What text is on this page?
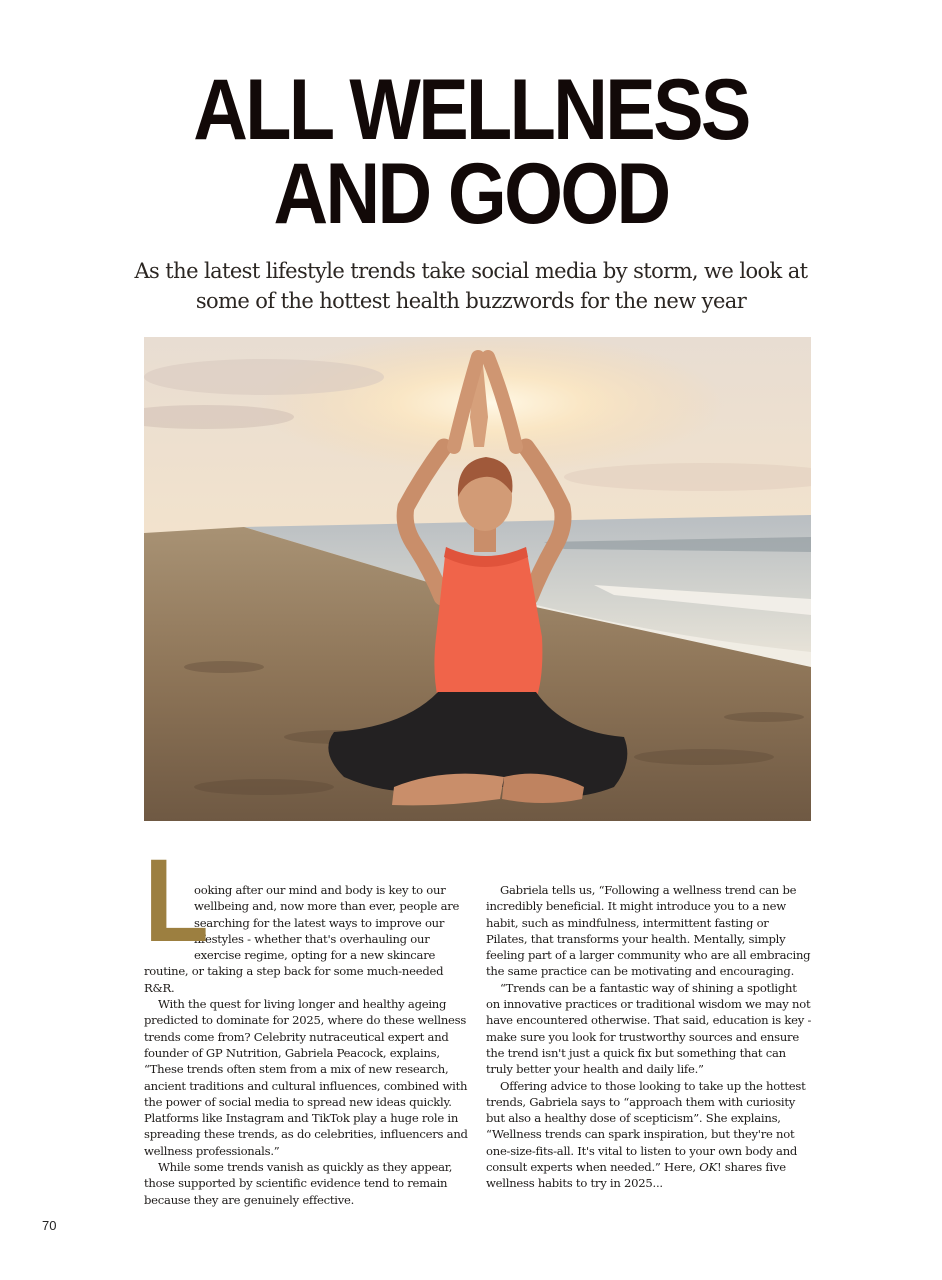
ALL WELLNESS
AND GOOD

As the latest lifestyle trends take social media by storm, we look at some of the hottest health buzzwords for the new year

L

ooking after our mind and body is key to our wellbeing and, now more than ever, people are searching for the latest ways to improve our lifestyles - whether that's overhauling our exercise regime, opting for a new skincare routine, or taking a step back for some much-needed R&R.

With the quest for living longer and healthy ageing predicted to dominate for 2025, where do these wellness trends come from? Celebrity nutraceutical expert and founder of GP Nutrition, Gabriela Peacock, explains, “These trends often stem from a mix of new research, ancient traditions and cultural influences, combined with the power of social media to spread new ideas quickly. Platforms like Instagram and TikTok play a huge role in spreading these trends, as do celebrities, influencers and wellness professionals.”

While some trends vanish as quickly as they appear, those supported by scientific evidence tend to remain because they are genuinely effective.

Gabriela tells us, “Following a wellness trend can be incredibly beneficial. It might introduce you to a new habit, such as mindfulness, intermittent fasting or Pilates, that transforms your health. Mentally, simply feeling part of a larger community who are all embracing the same practice can be motivating and encouraging.

“Trends can be a fantastic way of shining a spotlight on innovative practices or traditional wisdom we may not have encountered otherwise. That said, education is key - make sure you look for trustworthy sources and ensure the trend isn't just a quick fix but something that can truly better your health and daily life.”

Offering advice to those looking to take up the hottest trends, Gabriela says to “approach them with curiosity but also a healthy dose of scepticism”. She explains, “Wellness trends can spark inspiration, but they're not one-size-fits-all. It's vital to listen to your own body and consult experts when needed.” Here, OK! shares five wellness habits to try in 2025...

70
